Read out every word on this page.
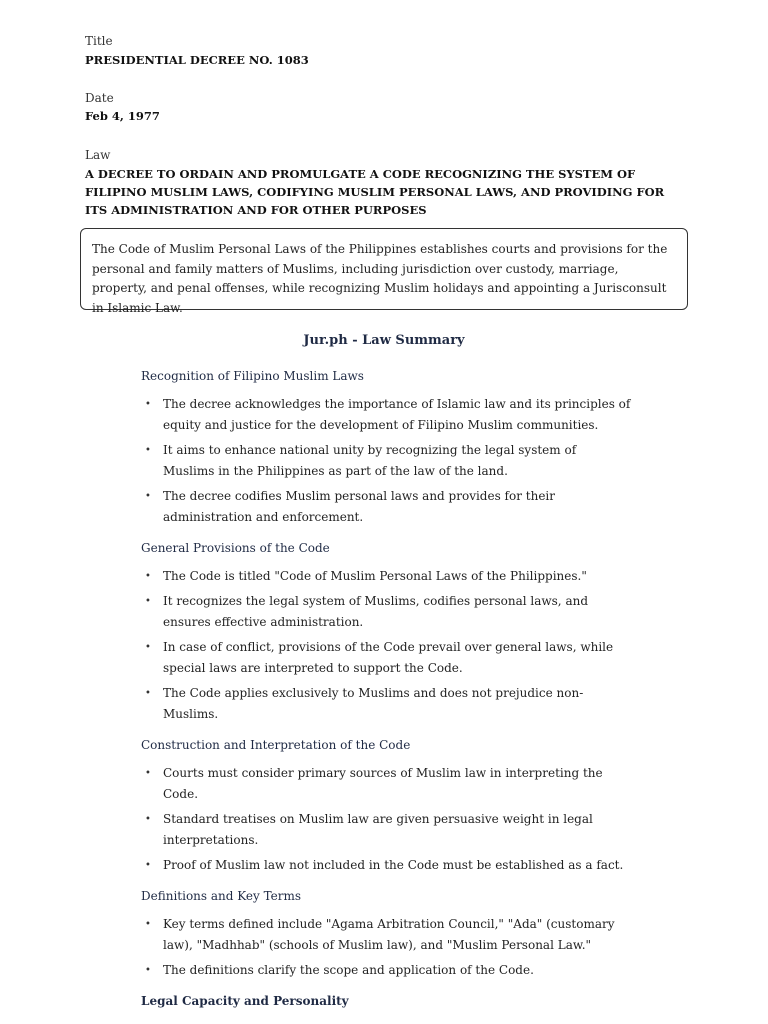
Title
PRESIDENTIAL DECREE NO. 1083
Date
Feb 4, 1977
Law
A DECREE TO ORDAIN AND PROMULGATE A CODE RECOGNIZING THE SYSTEM OF FILIPINO MUSLIM LAWS, CODIFYING MUSLIM PERSONAL LAWS, AND PROVIDING FOR ITS ADMINISTRATION AND FOR OTHER PURPOSES
The Code of Muslim Personal Laws of the Philippines establishes courts and provisions for the personal and family matters of Muslims, including jurisdiction over custody, marriage, property, and penal offenses, while recognizing Muslim holidays and appointing a Jurisconsult in Islamic Law.
Jur.ph - Law Summary
Recognition of Filipino Muslim Laws
• The decree acknowledges the importance of Islamic law and its principles of equity and justice for the development of Filipino Muslim communities.
• It aims to enhance national unity by recognizing the legal system of Muslims in the Philippines as part of the law of the land.
• The decree codifies Muslim personal laws and provides for their administration and enforcement.
General Provisions of the Code
• The Code is titled "Code of Muslim Personal Laws of the Philippines."
• It recognizes the legal system of Muslims, codifies personal laws, and ensures effective administration.
• In case of conflict, provisions of the Code prevail over general laws, while special laws are interpreted to support the Code.
• The Code applies exclusively to Muslims and does not prejudice non-Muslims.
Construction and Interpretation of the Code
• Courts must consider primary sources of Muslim law in interpreting the Code.
• Standard treatises on Muslim law are given persuasive weight in legal interpretations.
• Proof of Muslim law not included in the Code must be established as a fact.
Definitions and Key Terms
• Key terms defined include "Agama Arbitration Council," "Ada" (customary law), "Madhhab" (schools of Muslim law), and "Muslim Personal Law."
• The definitions clarify the scope and application of the Code.
Legal Capacity and Personality
